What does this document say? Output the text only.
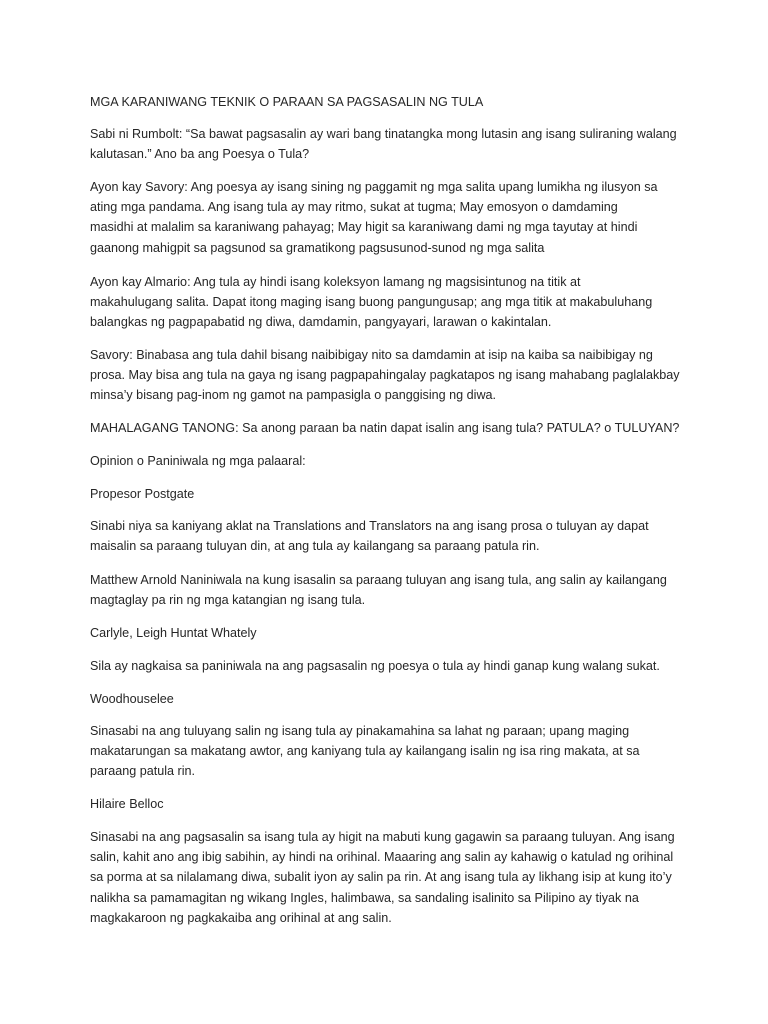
MGA KARANIWANG TEKNIK O PARAAN SA PAGSASALIN NG TULA

Sabi ni Rumbolt: “Sa bawat pagsasalin ay wari bang tinatangka mong lutasin ang isang suliraning walang
kalutasan.” Ano ba ang Poesya o Tula?

Ayon kay Savory: Ang poesya ay isang sining ng paggamit ng mga salita upang lumikha ng ilusyon sa
ating mga pandama. Ang isang tula ay may ritmo, sukat at tugma; May emosyon o damdaming
masidhi at malalim sa karaniwang pahayag; May higit sa karaniwang dami ng mga tayutay at hindi
gaanong mahigpit sa pagsunod sa gramatikong pagsusunod-sunod ng mga salita

Ayon kay Almario: Ang tula ay hindi isang koleksyon lamang ng magsisintunog na titik at
makahulugang salita. Dapat itong maging isang buong pangungusap; ang mga titik at makabuluhang
balangkas ng pagpapabatid ng diwa, damdamin, pangyayari, larawan o kakintalan.

Savory: Binabasa ang tula dahil bisang naibibigay nito sa damdamin at isip na kaiba sa naibibigay ng
prosa. May bisa ang tula na gaya ng isang pagpapahingalay pagkatapos ng isang mahabang paglalakbay
minsa’y bisang pag-inom ng gamot na pampasigla o panggising ng diwa.

MAHALAGANG TANONG: Sa anong paraan ba natin dapat isalin ang isang tula? PATULA? o TULUYAN?

Opinion o Paniniwala ng mga palaaral:

Propesor Postgate

Sinabi niya sa kaniyang aklat na Translations and Translators na ang isang prosa o tuluyan ay dapat
maisalin sa paraang tuluyan din, at ang tula ay kailangang sa paraang patula rin.

Matthew Arnold Naniniwala na kung isasalin sa paraang tuluyan ang isang tula, ang salin ay kailangang
magtaglay pa rin ng mga katangian ng isang tula.

Carlyle, Leigh Huntat Whately

Sila ay nagkaisa sa paniniwala na ang pagsasalin ng poesya o tula ay hindi ganap kung walang sukat.

Woodhouselee

Sinasabi na ang tuluyang salin ng isang tula ay pinakamahina sa lahat ng paraan; upang maging
makatarungan sa makatang awtor, ang kaniyang tula ay kailangang isalin ng isa ring makata, at sa
paraang patula rin.

Hilaire Belloc

Sinasabi na ang pagsasalin sa isang tula ay higit na mabuti kung gagawin sa paraang tuluyan. Ang isang
salin, kahit ano ang ibig sabihin, ay hindi na orihinal. Maaaring ang salin ay kahawig o katulad ng orihinal
sa porma at sa nilalamang diwa, subalit iyon ay salin pa rin. At ang isang tula ay likhang isip at kung ito’y
nalikha sa pamamagitan ng wikang Ingles, halimbawa, sa sandaling isalinito sa Pilipino ay tiyak na
magkakaroon ng pagkakaiba ang orihinal at ang salin.
